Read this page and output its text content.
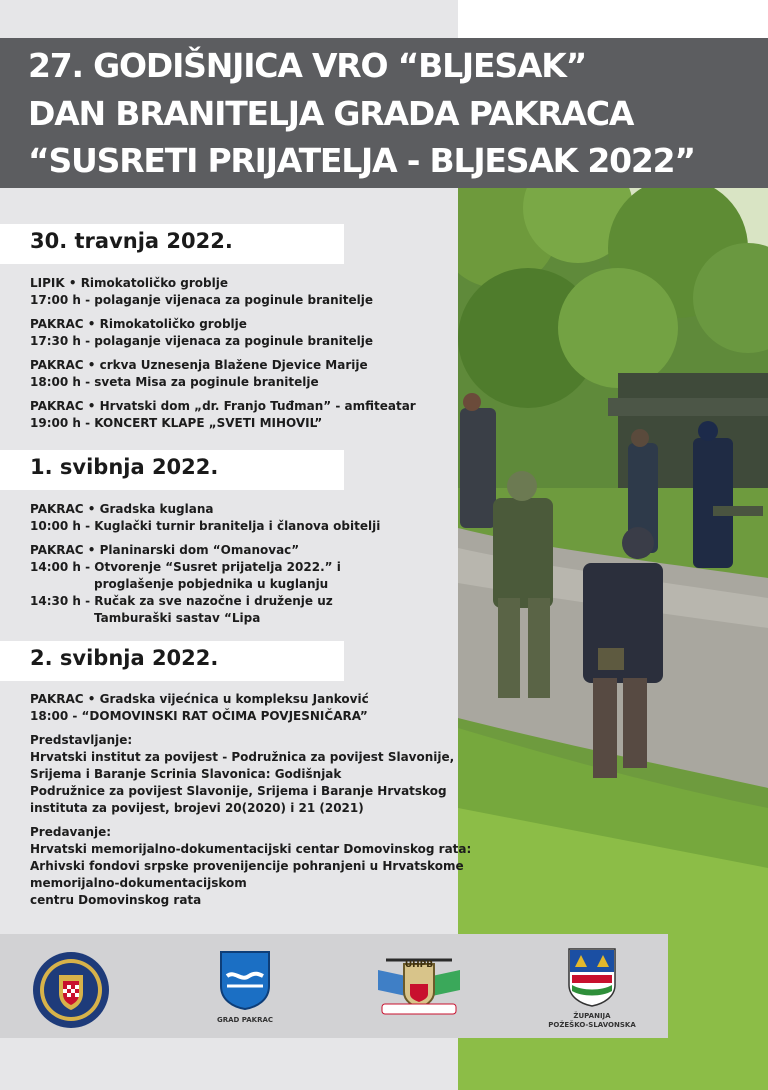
27. GODIŠNJICA VRO “BLJESAK”
DAN BRANITELJA GRADA PAKRACA
“SUSRETI PRIJATELJA - BLJESAK 2022”
30. travnja 2022.
LIPIK • Rimokatoličko groblje
17:00 h - polaganje vijenaca za poginule branitelje
PAKRAC • Rimokatoličko groblje
17:30 h - polaganje vijenaca za poginule branitelje
PAKRAC • crkva Uznesenja Blažene Djevice Marije
18:00 h - sveta Misa za poginule branitelje
PAKRAC • Hrvatski dom „dr. Franjo Tuđman” - amfiteatar
19:00 h - KONCERT KLAPE „SVETI MIHOVIL”
1. svibnja 2022.
PAKRAC • Gradska kuglana
10:00 h - Kuglački turnir branitelja i članova obitelji
PAKRAC • Planinarski dom “Omanovac”
14:00 h - Otvorenje “Susret prijatelja 2022.” i
proglašenje pobjednika u kuglanju
14:30 h - Ručak za sve nazočne i druženje uz
Tamburaški sastav “Lipa
2. svibnja 2022.
PAKRAC • Gradska vijećnica u kompleksu Janković
18:00 - “DOMOVINSKI RAT OČIMA POVJESNIČARA”
Predstavljanje:
Hrvatski institut za povijest - Podružnica za povijest Slavonije,
Srijema i Baranje Scrinia Slavonica: Godišnjak
Podružnice za povijest Slavonije, Srijema i Baranje Hrvatskog
instituta za povijest, brojevi 20(2020) i 21 (2021)
Predavanje:
Hrvatski memorijalno-dokumentacijski centar Domovinskog rata:
Arhivski fondovi srpske provenijencije pohranjeni u Hrvatskome
memorijalno-dokumentacijskom
centru Domovinskog rata
GRAD PAKRAC
UHPB
ŽUPANIJA
POŽEŠKO-SLAVONSKA
